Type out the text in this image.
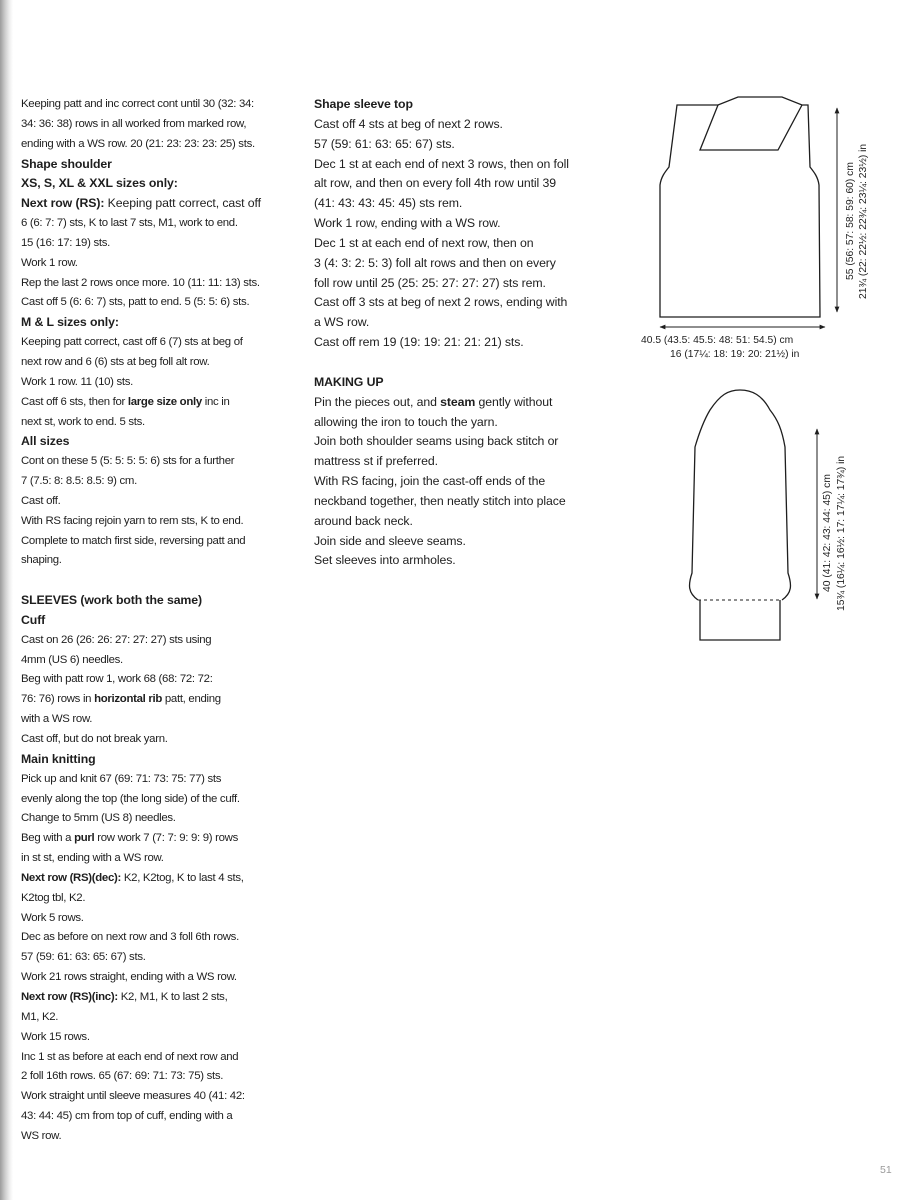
Keeping patt and inc correct cont until 30 (32: 34:
34: 36: 38) rows in all worked from marked row,
ending with a WS row. 20 (21: 23: 23: 23: 25) sts.
Shape shoulder
XS, S, XL & XXL sizes only:
Next row (RS): Keeping patt correct, cast off
6 (6: 7: 7) sts, K to last 7 sts, M1, work to end.
15 (16: 17: 19) sts.
Work 1 row.
Rep the last 2 rows once more. 10 (11: 11: 13) sts.
Cast off 5 (6: 6: 7) sts, patt to end. 5 (5: 5: 6) sts.
M & L sizes only:
Keeping patt correct, cast off 6 (7) sts at beg of
next row and 6 (6) sts at beg foll alt row.
Work 1 row. 11 (10) sts.
Cast off 6 sts, then for large size only inc in
next st, work to end. 5 sts.
All sizes
Cont on these 5 (5: 5: 5: 5: 6) sts for a further
7 (7.5: 8: 8.5: 8.5: 9) cm.
Cast off.
With RS facing rejoin yarn to rem sts, K to end.
Complete to match first side, reversing patt and
shaping.
SLEEVES (work both the same)
Cuff
Cast on 26 (26: 26: 27: 27: 27) sts using
4mm (US 6) needles.
Beg with patt row 1, work 68 (68: 72: 72:
76: 76) rows in horizontal rib patt, ending
with a WS row.
Cast off, but do not break yarn.
Main knitting
Pick up and knit 67 (69: 71: 73: 75: 77) sts
evenly along the top (the long side) of the cuff.
Change to 5mm (US 8) needles.
Beg with a purl row work 7 (7: 7: 9: 9: 9) rows
in st st, ending with a WS row.
Next row (RS)(dec): K2, K2tog, K to last 4 sts,
K2tog tbl, K2.
Work 5 rows.
Dec as before on next row and 3 foll 6th rows.
57 (59: 61: 63: 65: 67) sts.
Work 21 rows straight, ending with a WS row.
Next row (RS)(inc): K2, M1, K to last 2 sts,
M1, K2.
Work 15 rows.
Inc 1 st as before at each end of next row and
2 foll 16th rows. 65 (67: 69: 71: 73: 75) sts.
Work straight until sleeve measures 40 (41: 42:
43: 44: 45) cm from top of cuff, ending with a
WS row.
Shape sleeve top
Cast off 4 sts at beg of next 2 rows.
57 (59: 61: 63: 65: 67) sts.
Dec 1 st at each end of next 3 rows, then on foll
alt row, and then on every foll 4th row until 39
(41: 43: 43: 45: 45) sts rem.
Work 1 row, ending with a WS row.
Dec 1 st at each end of next row, then on
3 (4: 3: 2: 5: 3) foll alt rows and then on every
foll row until 25 (25: 25: 27: 27: 27) sts rem.
Cast off 3 sts at beg of next 2 rows, ending with
a WS row.
Cast off rem 19 (19: 19: 21: 21: 21) sts.
MAKING UP
Pin the pieces out, and steam gently without
allowing the iron to touch the yarn.
Join both shoulder seams using back stitch or
mattress st if preferred.
With RS facing, join the cast-off ends of the
neckband together, then neatly stitch into place
around back neck.
Join side and sleeve seams.
Set sleeves into armholes.
40.5 (43.5: 45.5: 48: 51: 54.5) cm
16 (17¼: 18: 19: 20: 21½) in
55 (56: 57: 58: 59: 60) cm 21¾ (22: 22½: 22¾: 23¼: 23½) in
40 (41: 42: 43: 44: 45) cm 15¾ (16¼: 16½: 17: 17¼: 17¾) in
51
